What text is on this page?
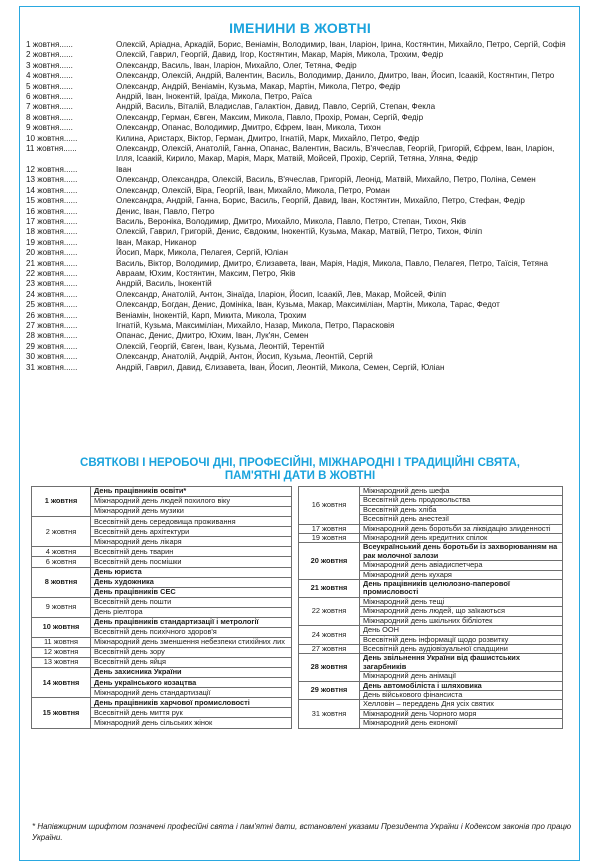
ІМЕНИНИ В ЖОВТНІ
1 жовтня......	Олексій, Аріадна, Аркадій, Борис, Веніамін, Володимир, Іван, Іларіон, Ірина, Костянтин, Михайло, Петро, Сергій, Софія
2 жовтня......	Олексій, Гаврил, Георгій, Давид, Ігор, Костянтин, Макар, Марія, Микола, Трохим, Федір
3 жовтня......	Олександр, Василь, Іван, Іларіон, Михайло, Олег, Тетяна, Федір
4 жовтня......	Олександр, Олексій, Андрій, Валентин, Василь, Володимир, Данило, Дмитро, Іван, Йосип, Ісаакій, Костянтин, Петро
5 жовтня......	Олександр, Андрій, Веніамін, Кузьма, Макар, Мартін, Микола, Петро, Федір
6 жовтня......	Андрій, Іван, Інокентій, Іраїда, Микола, Петро, Раїса
7 жовтня......	Андрій, Василь, Віталій, Владислав, Галактіон, Давид, Павло, Сергій, Степан, Фекла
8 жовтня......	Олександр, Герман, Євген, Максим, Микола, Павло, Прохір, Роман, Сергій, Федір
9 жовтня......	Олександр, Опанас, Володимир, Дмитро, Єфрем, Іван, Микола, Тихон
10 жовтня......	Килина, Аристарх, Віктор, Герман, Дмитро, Ігнатій, Марк, Михайло, Петро, Федір
11 жовтня......	Олександр, Олексій, Анатолій, Ганна, Опанас, Валентин, Василь, В'ячеслав, Георгій, Григорій, Єфрем, Іван, Іларіон, Ілля, Ісаакій, Кирило, Макар, Марія, Марк, Матвій, Мойсей, Прохір, Сергій, Тетяна, Уляна, Федір
12 жовтня......	Іван
13 жовтня......	Олександр, Олександра, Олексій, Василь, В'ячеслав, Григорій, Леонід, Матвій, Михайло, Петро, Поліна, Семен
14 жовтня......	Олександр, Олексій, Віра, Георгій, Іван, Михайло, Микола, Петро, Роман
15 жовтня......	Олександра, Андрій, Ганна, Борис, Василь, Георгій, Давид, Іван, Костянтин, Михайло, Петро, Стефан, Федір
16 жовтня......	Денис, Іван, Павло, Петро
17 жовтня......	Василь, Вероніка, Володимир, Дмитро, Михайло, Микола, Павло, Петро, Степан, Тихон, Яків
18 жовтня......	Олексій, Гаврил, Григорій, Денис, Євдоким, Інокентій, Кузьма, Макар, Матвій, Петро, Тихон, Філіп
19 жовтня......	Іван, Макар, Никанор
20 жовтня......	Йосип, Марк, Микола, Пелагея, Сергій, Юліан
21 жовтня......	Василь, Віктор, Володимир, Дмитро, Єлизавета, Іван, Марія, Надія, Микола, Павло, Пелагея, Петро, Таїсія, Тетяна
22 жовтня......	Авраам, Юхим, Костянтин, Максим, Петро, Яків
23 жовтня......	Андрій, Василь, Інокентій
24 жовтня......	Олександр, Анатолій, Антон, Зінаїда, Іларіон, Йосип, Ісаакій, Лев, Макар, Мойсей, Філіп
25 жовтня......	Олександр, Богдан, Денис, Домініка, Іван, Кузьма, Макар, Максиміліан, Мартін, Микола, Тарас, Федот
26 жовтня......	Веніамін, Інокентій, Карп, Микита, Микола, Трохим
27 жовтня......	Ігнатій, Кузьма, Максиміліан, Михайло, Назар, Микола, Петро, Парасковія
28 жовтня......	Опанас, Денис, Дмитро, Юхим, Іван, Лук'ян, Семен
29 жовтня......	Олексій, Георгій, Євген, Іван, Кузьма, Леонтій, Терентій
30 жовтня......	Олександр, Анатолій, Андрій, Антон, Йосип, Кузьма, Леонтій, Сергій
31 жовтня......	Андрій, Гаврил, Давид, Єлизавета, Іван, Йосип, Леонтій, Микола, Семен, Сергій, Юліан
СВЯТКОВІ І НЕРОБОЧІ ДНІ, ПРОФЕСІЙНІ, МІЖНАРОДНІ І ТРАДИЦІЙНІ СВЯТА,
ПАМ'ЯТНІ ДАТИ В ЖОВТНІ
1 жовтня	День працівників освіти*
	Міжнародний день людей похилого віку
	Міжнародний день музики
2 жовтня	Всесвітній день середовища проживання
	Всесвітній день архітектури
	Міжнародний день лікаря
4 жовтня	Всесвітній день тварин
6 жовтня	Всесвітній день посмішки
8 жовтня	День юриста
	День художника
	День працівників СЕС
9 жовтня	Всесвітній день пошти
	День ріелтора
10 жовтня	День працівників стандартизації і метрології
	Всесвітній день психічного здоров'я
11 жовтня	Міжнародний день зменшення небезпеки стихійних лих
12 жовтня	Всесвітній день зору
13 жовтня	Всесвітній день яйця
14 жовтня	День захисника України
	День українського козацтва
	Міжнародний день стандартизації
15 жовтня	День працівників харчової промисловості
	Всесвітній день миття рук
	Міжнародний день сільських жінок
16 жовтня	Міжнародний день шефа
	Всесвітній день продовольства
	Всесвітній день хліба
	Всесвітній день анестезії
17 жовтня	Міжнародний день боротьби за ліквідацію злиденності
19 жовтня	Міжнародний день кредитних спілок
20 жовтня	Всеукраїнський день боротьби із захворюванням на рак молочної залози
	Міжнародний день авіадиспетчера
	Міжнародний день кухаря
21 жовтня	День працівників целюлозно-паперової промисловості
22 жовтня	Міжнародний день тещі
	Міжнародний день людей, що заїкаються
	Міжнародний день шкільних бібліотек
24 жовтня	День ООН
	Всесвітній день інформації щодо розвитку
27 жовтня	Всесвітній день аудіовізуальної спадщини
28 жовтня	День звільнення України від фашистських загарбників
	Міжнародний день анімації
29 жовтня	День автомобіліста і шляховика
	День військового фінансиста
31 жовтня	Хелловін – переддень Дня усіх святих
	Міжнародний день Чорного моря
	Міжнародний день економії
* Напівжирним шрифтом позначені професійні свята і пам'ятні дати, встановлені указами Президента України і Кодексом законів про працю України.
